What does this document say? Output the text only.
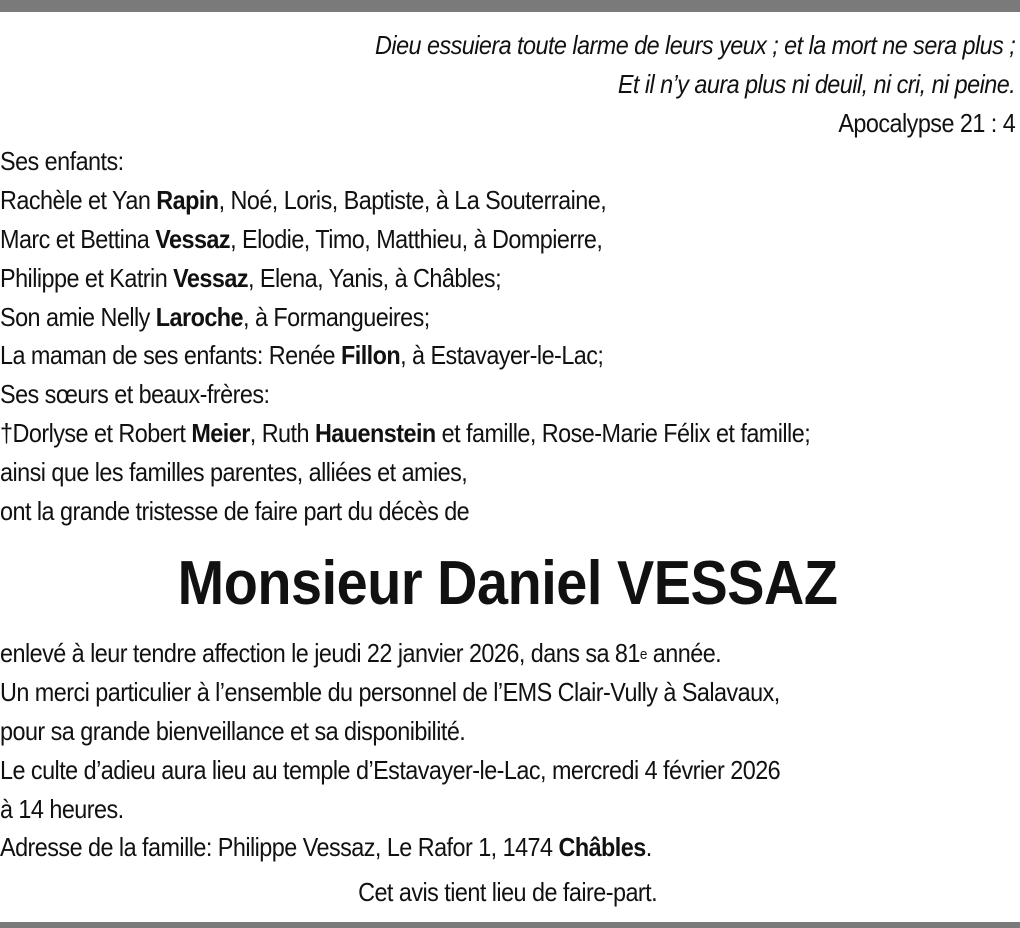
Dieu essuiera toute larme de leurs yeux ; et la mort ne sera plus ;
Et il n’y aura plus ni deuil, ni cri, ni peine.
Apocalypse 21 : 4
Ses enfants:
Rachèle et Yan Rapin, Noé, Loris, Baptiste, à La Souterraine,
Marc et Bettina Vessaz, Elodie, Timo, Matthieu, à Dompierre,
Philippe et Katrin Vessaz, Elena, Yanis, à Châbles;
Son amie Nelly Laroche, à Formangueires;
La maman de ses enfants: Renée Fillon, à Estavayer-le-Lac;
Ses sœurs et beaux-frères:
†Dorlyse et Robert Meier, Ruth Hauenstein et famille, Rose-Marie Félix et famille;
ainsi que les familles parentes, alliées et amies,
ont la grande tristesse de faire part du décès de
Monsieur Daniel VESSAZ
enlevé à leur tendre affection le jeudi 22 janvier 2026, dans sa 81e année.
Un merci particulier à l’ensemble du personnel de l’EMS Clair-Vully à Salavaux,
pour sa grande bienveillance et sa disponibilité.
Le culte d’adieu aura lieu au temple d’Estavayer-le-Lac, mercredi 4 février 2026
à 14 heures.
Adresse de la famille: Philippe Vessaz, Le Rafor 1, 1474 Châbles.
Cet avis tient lieu de faire-part.
